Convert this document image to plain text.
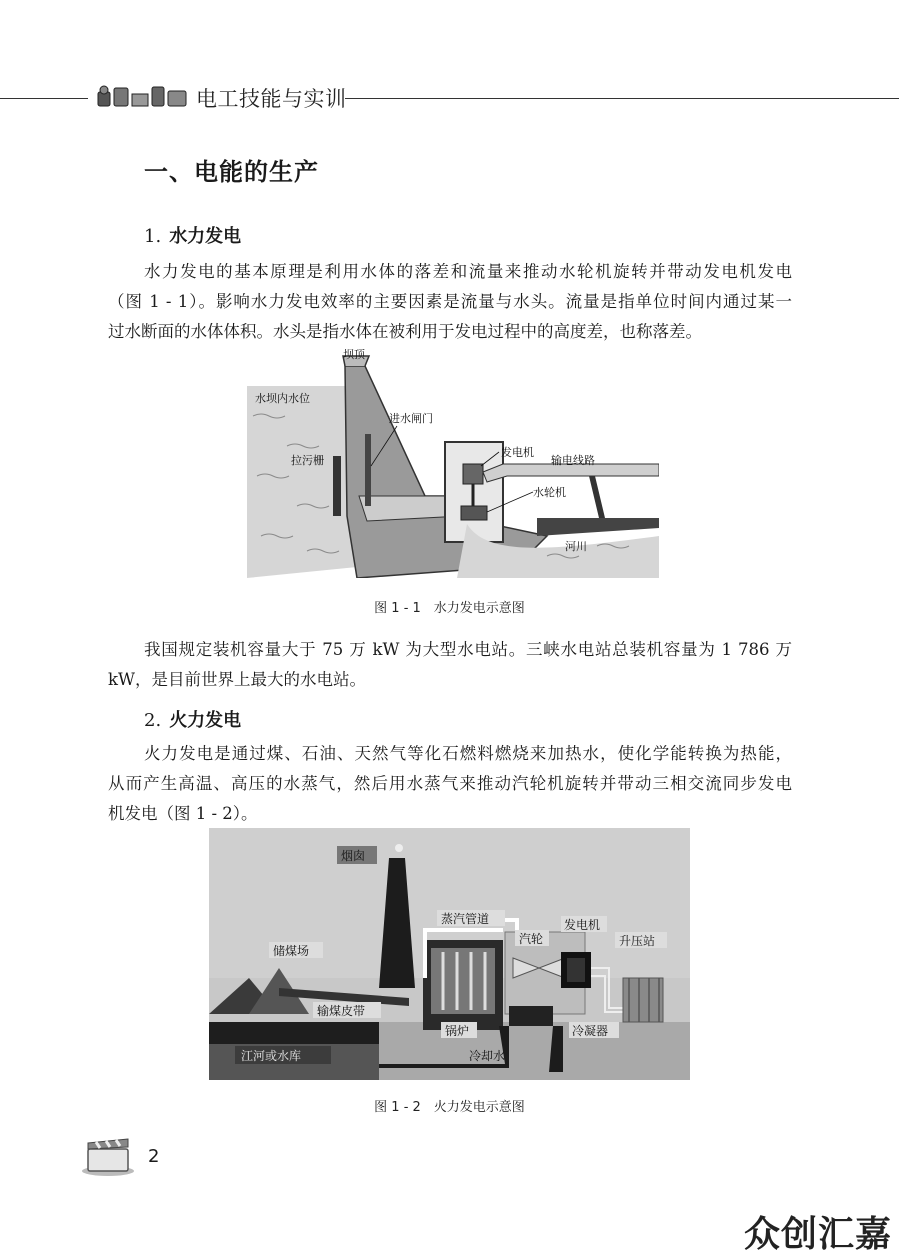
电工技能与实训
一、电能的生产
1. 水力发电
水力发电的基本原理是利用水体的落差和流量来推动水轮机旋转并带动发电机发电
（图 1 - 1）。影响水力发电效率的主要因素是流量与水头。流量是指单位时间内通过某一
过水断面的水体体积。水头是指水体在被利用于发电过程中的高度差，也称落差。
坝顶
水坝内水位
进水闸门
拉污栅
发电机
输电线路
水轮机
河川
图 1 - 1　水力发电示意图
我国规定装机容量大于 75 万 kW 为大型水电站。三峡水电站总装机容量为 1 786 万
kW，是目前世界上最大的水电站。
2. 火力发电
火力发电是通过煤、石油、天然气等化石燃料燃烧来加热水，使化学能转换为热能，
从而产生高温、高压的水蒸气，然后用水蒸气来推动汽轮机旋转并带动三相交流同步发电
机发电（图 1 - 2）。
烟囱
蒸汽管道
汽轮
发电机
升压站
储煤场
输煤皮带
锅炉	冷凝器
江河或水库	冷却水
图 1 - 2　火力发电示意图
2
众创汇嘉
